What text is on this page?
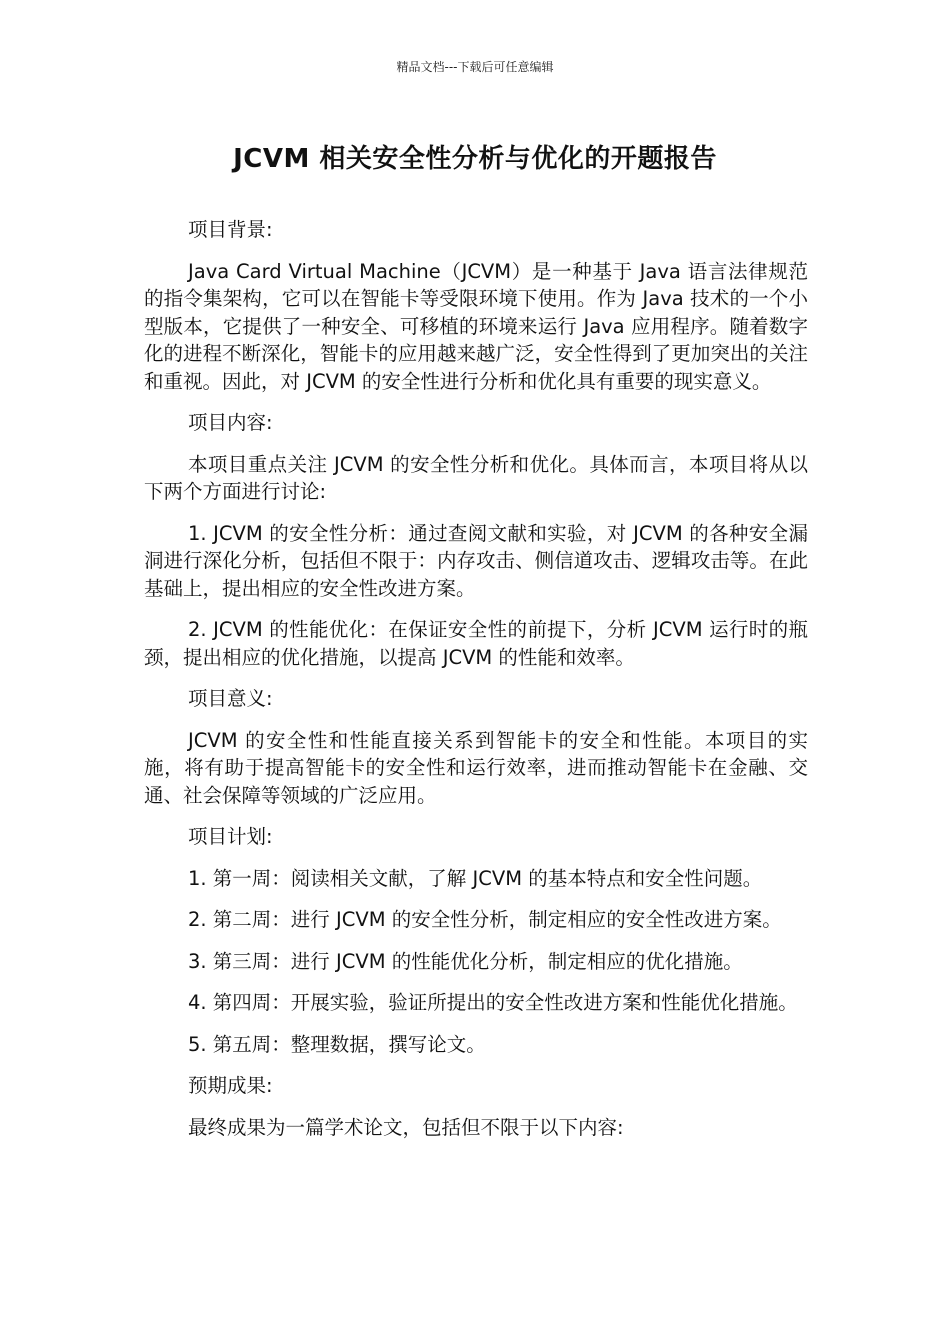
精品文档---下载后可任意编辑
JCVM 相关安全性分析与优化的开题报告

项目背景:

Java Card Virtual Machine（JCVM）是一种基于 Java 语言法律规范的指令集架构，它可以在智能卡等受限环境下使用。作为 Java 技术的一个小型版本，它提供了一种安全、可移植的环境来运行 Java 应用程序。随着数字化的进程不断深化，智能卡的应用越来越广泛，安全性得到了更加突出的关注和重视。因此，对 JCVM 的安全性进行分析和优化具有重要的现实意义。

项目内容:

本项目重点关注 JCVM 的安全性分析和优化。具体而言，本项目将从以下两个方面进行讨论:

1. JCVM 的安全性分析：通过查阅文献和实验，对 JCVM 的各种安全漏洞进行深化分析，包括但不限于：内存攻击、侧信道攻击、逻辑攻击等。在此基础上，提出相应的安全性改进方案。

2. JCVM 的性能优化：在保证安全性的前提下，分析 JCVM 运行时的瓶颈，提出相应的优化措施，以提高 JCVM 的性能和效率。

项目意义:

JCVM 的安全性和性能直接关系到智能卡的安全和性能。本项目的实施，将有助于提高智能卡的安全性和运行效率，进而推动智能卡在金融、交通、社会保障等领域的广泛应用。

项目计划:

1. 第一周：阅读相关文献，了解 JCVM 的基本特点和安全性问题。

2. 第二周：进行 JCVM 的安全性分析，制定相应的安全性改进方案。

3. 第三周：进行 JCVM 的性能优化分析，制定相应的优化措施。

4. 第四周：开展实验，验证所提出的安全性改进方案和性能优化措施。

5. 第五周：整理数据，撰写论文。

预期成果:

最终成果为一篇学术论文，包括但不限于以下内容:
